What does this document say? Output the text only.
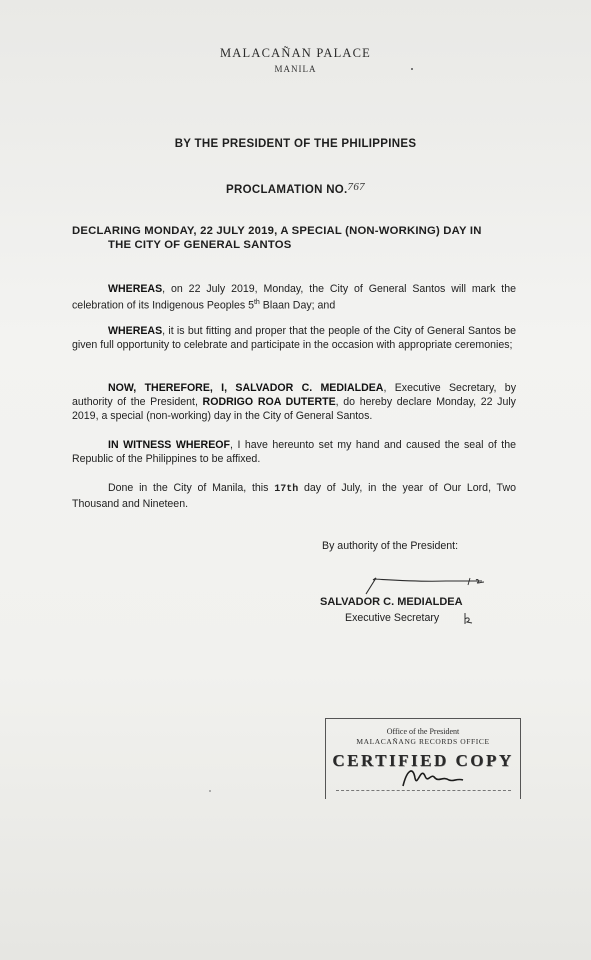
MALACAÑAN PALACE
MANILA
BY THE PRESIDENT OF THE PHILIPPINES
PROCLAMATION NO.767
DECLARING MONDAY, 22 JULY 2019, A SPECIAL (NON-WORKING) DAY IN
THE CITY OF GENERAL SANTOS
WHEREAS, on 22 July 2019, Monday, the City of General Santos will mark the celebration of its Indigenous Peoples 5th Blaan Day; and
WHEREAS, it is but fitting and proper that the people of the City of General Santos be given full opportunity to celebrate and participate in the occasion with appropriate ceremonies;
NOW, THEREFORE, I, SALVADOR C. MEDIALDEA, Executive Secretary, by authority of the President, RODRIGO ROA DUTERTE, do hereby declare Monday, 22 July 2019, a special (non-working) day in the City of General Santos.
IN WITNESS WHEREOF, I have hereunto set my hand and caused the seal of the Republic of the Philippines to be affixed.
Done in the City of Manila, this 17th day of July, in the year of Our Lord, Two Thousand and Nineteen.
By authority of the President:
SALVADOR C. MEDIALDEA
Executive Secretary
Office of the President
MALACAÑANG RECORDS OFFICE
CERTIFIED COPY
